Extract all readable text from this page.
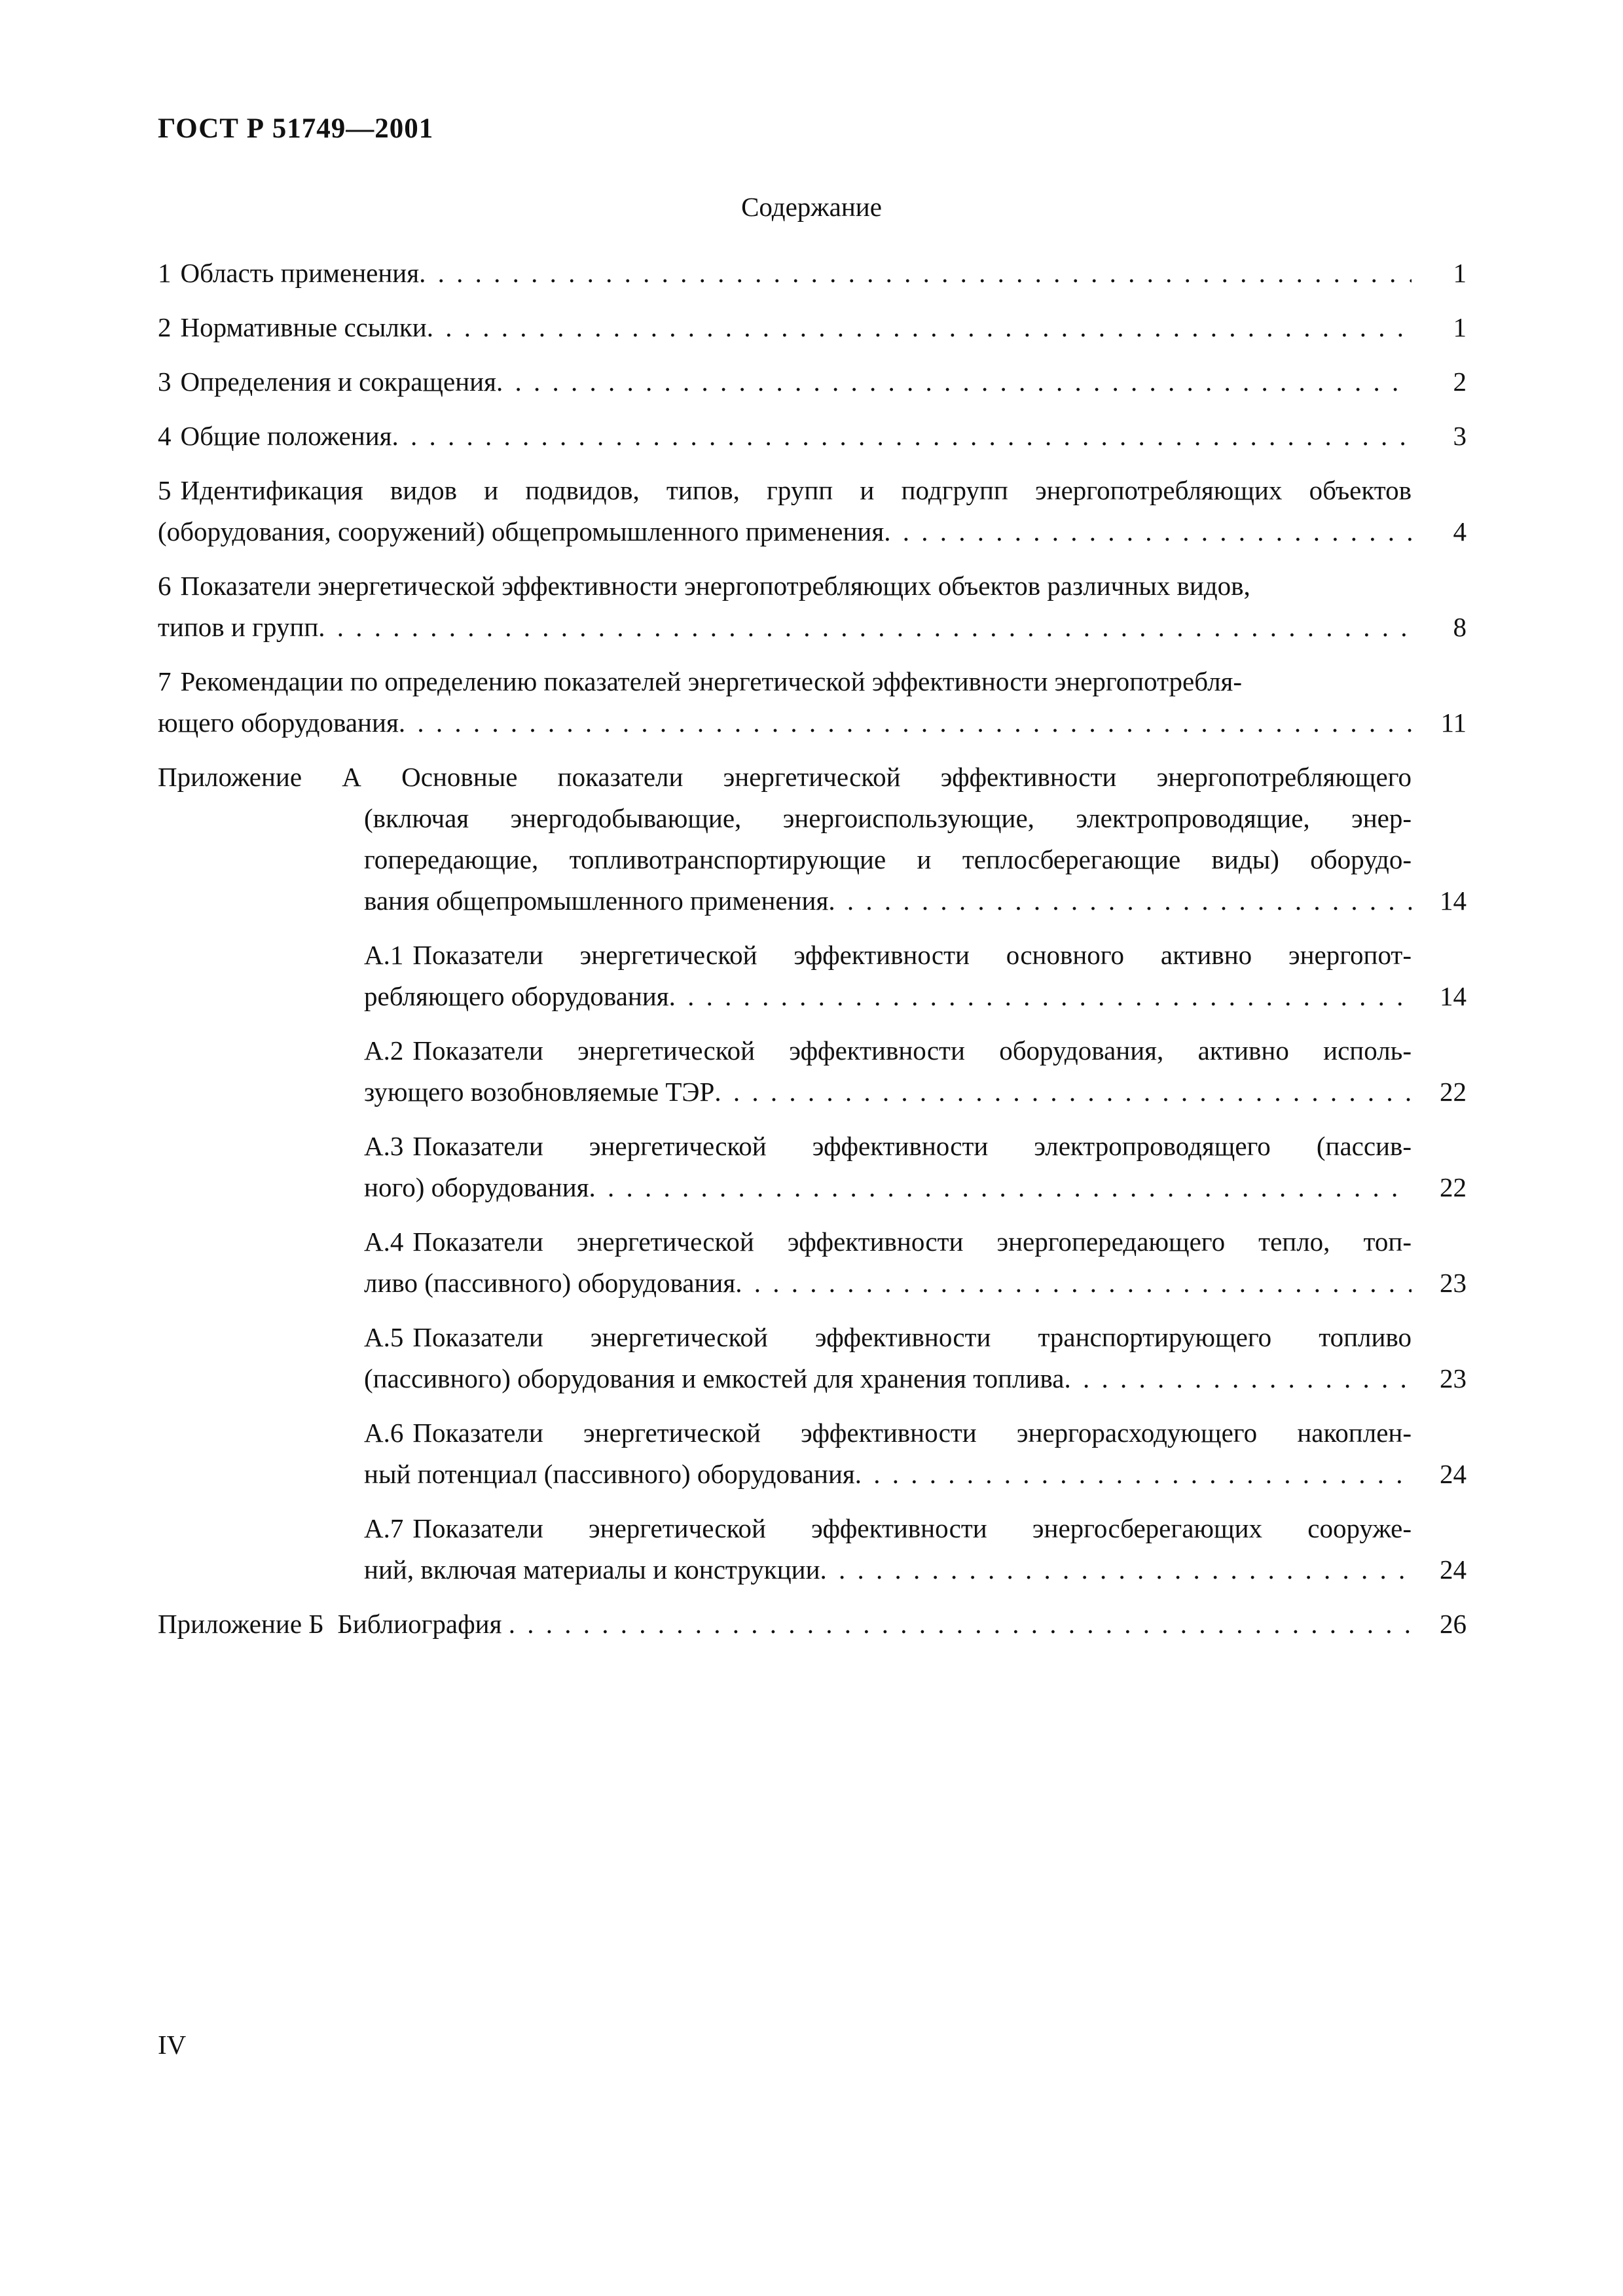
ГОСТ Р 51749—2001
Содержание
1 Область применения . . .	1
2 Нормативные ссылки . . .	1
3 Определения и сокращения . . .	2
4 Общие положения . . .	3
5 Идентификация видов и подвидов, типов, групп и подгрупп энергопотребляющих объектов
(оборудования, сооружений) общепромышленного применения . . .	4
6 Показатели энергетической эффективности энергопотребляющих объектов различных видов,
типов и групп . . .	8
7 Рекомендации по определению показателей энергетической эффективности энергопотребля-
ющего оборудования . . .	11
Приложение А Основные показатели энергетической эффективности энергопотребляющего
(включая энергодобывающие, энергоиспользующие, электропроводящие, энер-
гопередающие, топливотранспортирующие и теплосберегающие виды) оборудо-
вания общепромышленного применения . . .	14
А.1 Показатели энергетической эффективности основного активно энергопот-
ребляющего оборудования . . .	14
А.2 Показатели энергетической эффективности оборудования, активно исполь-
зующего возобновляемые ТЭР . . .	22
А.3 Показатели энергетической эффективности электропроводящего (пассив-
ного) оборудования . . .	22
А.4 Показатели энергетической эффективности энергопередающего тепло, топ-
ливо (пассивного) оборудования . . .	23
А.5 Показатели энергетической эффективности транспортирующего топливо
(пассивного) оборудования и емкостей для хранения топлива . . .	23
А.6 Показатели энергетической эффективности энергорасходующего накоплен-
ный потенциал (пассивного) оборудования . . .	24
А.7 Показатели энергетической эффективности энергосберегающих сооруже-
ний, включая материалы и конструкции . . .	24
Приложение Б Библиография . . .	26
IV
